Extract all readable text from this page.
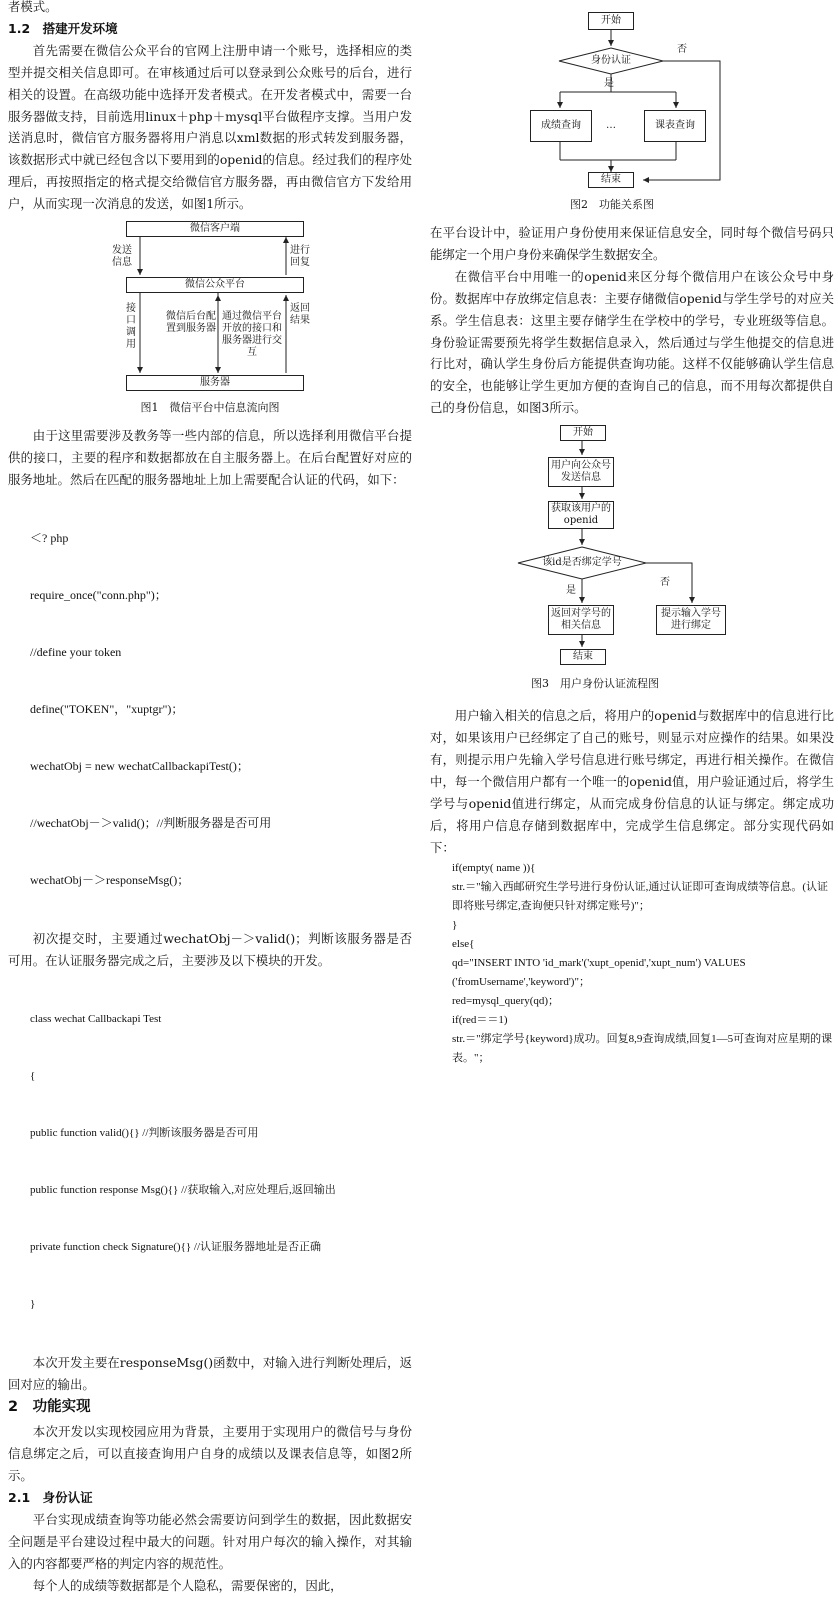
者模式。

1.2　搭建开发环境

首先需要在微信公众平台的官网上注册申请一个账号，选择相应的类型并提交相关信息即可。在审核通过后可以登录到公众账号的后台，进行相关的设置。在高级功能中选择开发者模式。在开发者模式中，需要一台服务器做支持，目前选用linux＋php＋mysql平台做程序支撑。当用户发送消息时，微信官方服务器将用户消息以xml数据的形式转发到服务器，该数据形式中就已经包含以下要用到的openid的信息。经过我们的程序处理后，再按照指定的格式提交给微信官方服务器，再由微信官方下发给用户，从而实现一次消息的发送，如图1所示。

微信客户端
发送信息
进行回复
微信公众平台
接口调用
微信后台配置到服务器
通过微信平台开放的接口和服务器进行交互
返回结果
服务器
图1　微信平台中信息流向图

由于这里需要涉及教务等一些内部的信息，所以选择利用微信平台提供的接口，主要的程序和数据都放在自主服务器上。在后台配置好对应的服务地址。然后在匹配的服务器地址上加上需要配合认证的代码，如下：

＜? php

require_once("conn.php")；

//define your token

define("TOKEN"，"xuptgr")；

wechatObj = new wechatCallbackapiTest()；

//wechatObj－＞valid()；//判断服务器是否可用

wechatObj－＞responseMsg()；

初次提交时，主要通过wechatObj－＞valid()；判断该服务器是否可用。在认证服务器完成之后，主要涉及以下模块的开发。

class wechat Callbackapi Test

{

public function valid(){} //判断该服务器是否可用

public function response Msg(){} //获取输入,对应处理后,返回输出

private function check Signature(){} //认证服务器地址是否正确

}

本次开发主要在responseMsg()函数中，对输入进行判断处理后，返回对应的输出。

2　功能实现

本次开发以实现校园应用为背景，主要用于实现用户的微信号与身份信息绑定之后，可以直接查询用户自身的成绩以及课表信息等，如图2所示。

2.1　身份认证

平台实现成绩查询等功能必然会需要访问到学生的数据，因此数据安全问题是平台建设过程中最大的问题。针对用户每次的输入操作，对其输入的内容都要严格的判定内容的规范性。

每个人的成绩等数据都是个人隐私，需要保密的，因此，

开始
身份认证
否
是
成绩查询	…	课表查询
结束
图2　功能关系图

在平台设计中，验证用户身份使用来保证信息安全，同时每个微信号码只能绑定一个用户身份来确保学生数据安全。

在微信平台中用唯一的openid来区分每个微信用户在该公众号中身份。数据库中存放绑定信息表：主要存储微信openid与学生学号的对应关系。学生信息表：这里主要存储学生在学校中的学号，专业班级等信息。身份验证需要预先将学生数据信息录入，然后通过与学生他提交的信息进行比对，确认学生身份后方能提供查询功能。这样不仅能够确认学生信息的安全，也能够让学生更加方便的查询自己的信息，而不用每次都提供自己的身份信息，如图3所示。

开始
用户向公众号发送信息
获取该用户的openid
该id是否绑定学号
是
否
返回对学号的相关信息
提示输入学号进行绑定
结束
图3　用户身份认证流程图

用户输入相关的信息之后，将用户的openid与数据库中的信息进行比对，如果该用户已经绑定了自己的账号，则显示对应操作的结果。如果没有，则提示用户先输入学号信息进行账号绑定，再进行相关操作。在微信中，每一个微信用户都有一个唯一的openid值，用户验证通过后，将学生学号与openid值进行绑定，从而完成身份信息的认证与绑定。绑定成功后，将用户信息存储到数据库中，完成学生信息绑定。部分实现代码如下：

if(empty( name )){
str.＝"输入西邮研究生学号进行身份认证,通过认证即可查询成绩等信息。(认证即将账号绑定,查询便只针对绑定账号)"；
}
else{
qd="INSERT INTO 'id_mark'('xupt_openid','xupt_num') VALUES ('fromUsername','keyword')"；
red=mysql_query(qd)；
if(red＝＝1)
str.＝"绑定学号{keyword}成功。回复8,9查询成绩,回复1—5可查询对应星期的课表。"；
